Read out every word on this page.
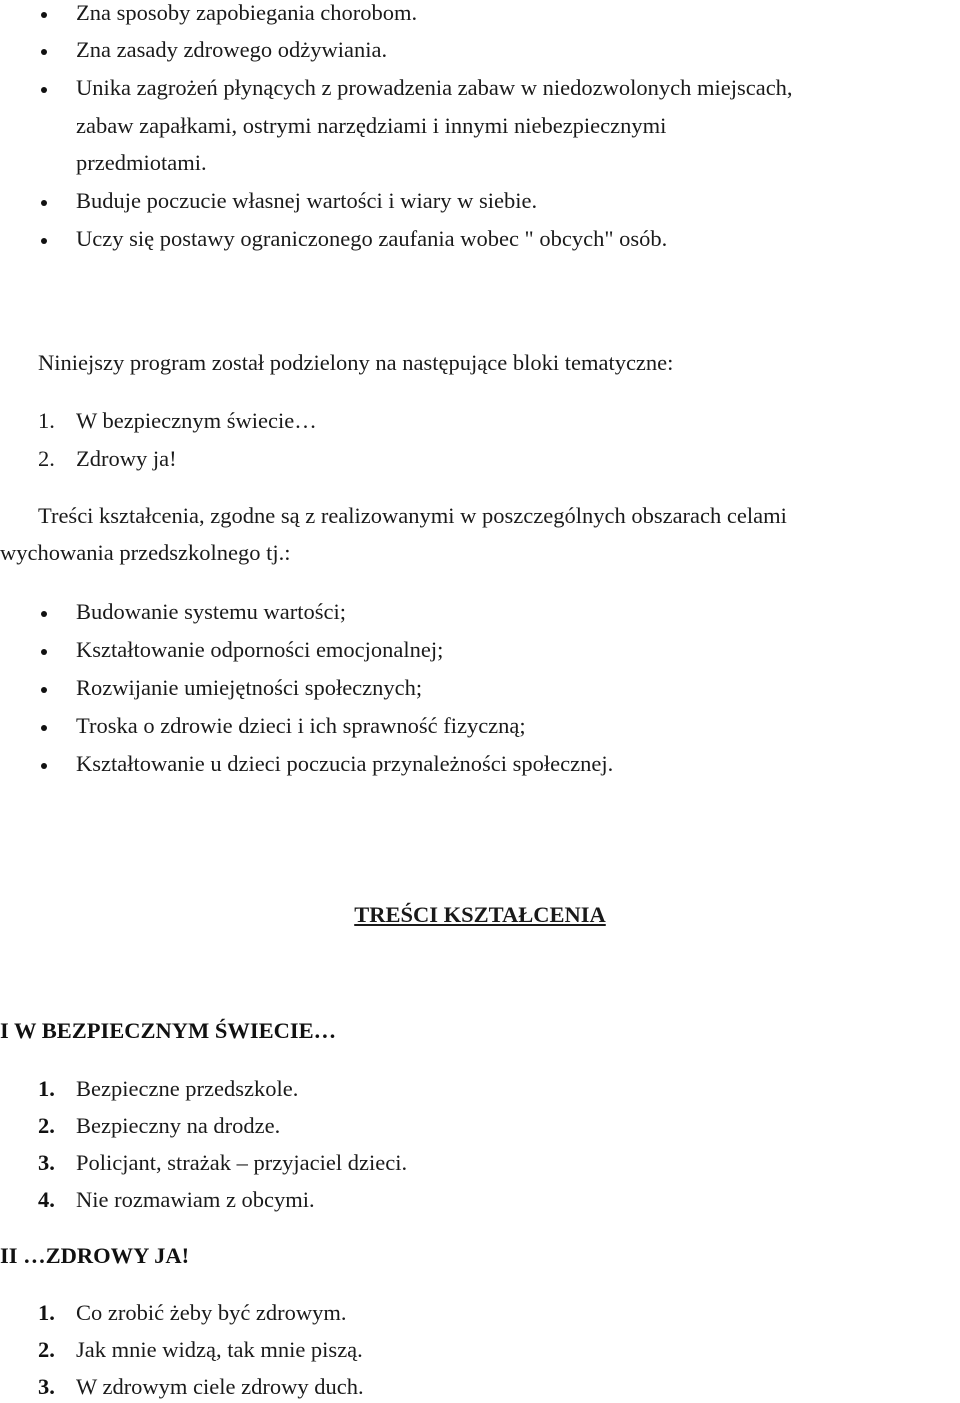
Zna sposoby zapobiegania chorobom.
Zna zasady zdrowego odżywiania.
Unika zagrożeń płynących z prowadzenia zabaw w niedozwolonych miejscach,
zabaw zapałkami, ostrymi narzędziami i innymi niebezpiecznymi
przedmiotami.
Buduje poczucie własnej wartości i wiary w siebie.
Uczy się postawy ograniczonego zaufania wobec " obcych" osób.
Niniejszy program został podzielony na następujące bloki tematyczne:
1. W bezpiecznym świecie…
2. Zdrowy ja!
Treści kształcenia, zgodne są z realizowanymi w poszczególnych obszarach celami
wychowania przedszkolnego tj.:
Budowanie systemu wartości;
Kształtowanie odporności emocjonalnej;
Rozwijanie umiejętności społecznych;
Troska o zdrowie dzieci i ich sprawność fizyczną;
Kształtowanie u dzieci poczucia przynależności społecznej.
TREŚCI KSZTAŁCENIA
I W BEZPIECZNYM ŚWIECIE…
1. Bezpieczne przedszkole.
2. Bezpieczny na drodze.
3. Policjant, strażak – przyjaciel dzieci.
4. Nie rozmawiam z obcymi.
II …ZDROWY JA!
1. Co zrobić żeby być zdrowym.
2. Jak mnie widzą, tak mnie piszą.
3. W zdrowym ciele zdrowy duch.
